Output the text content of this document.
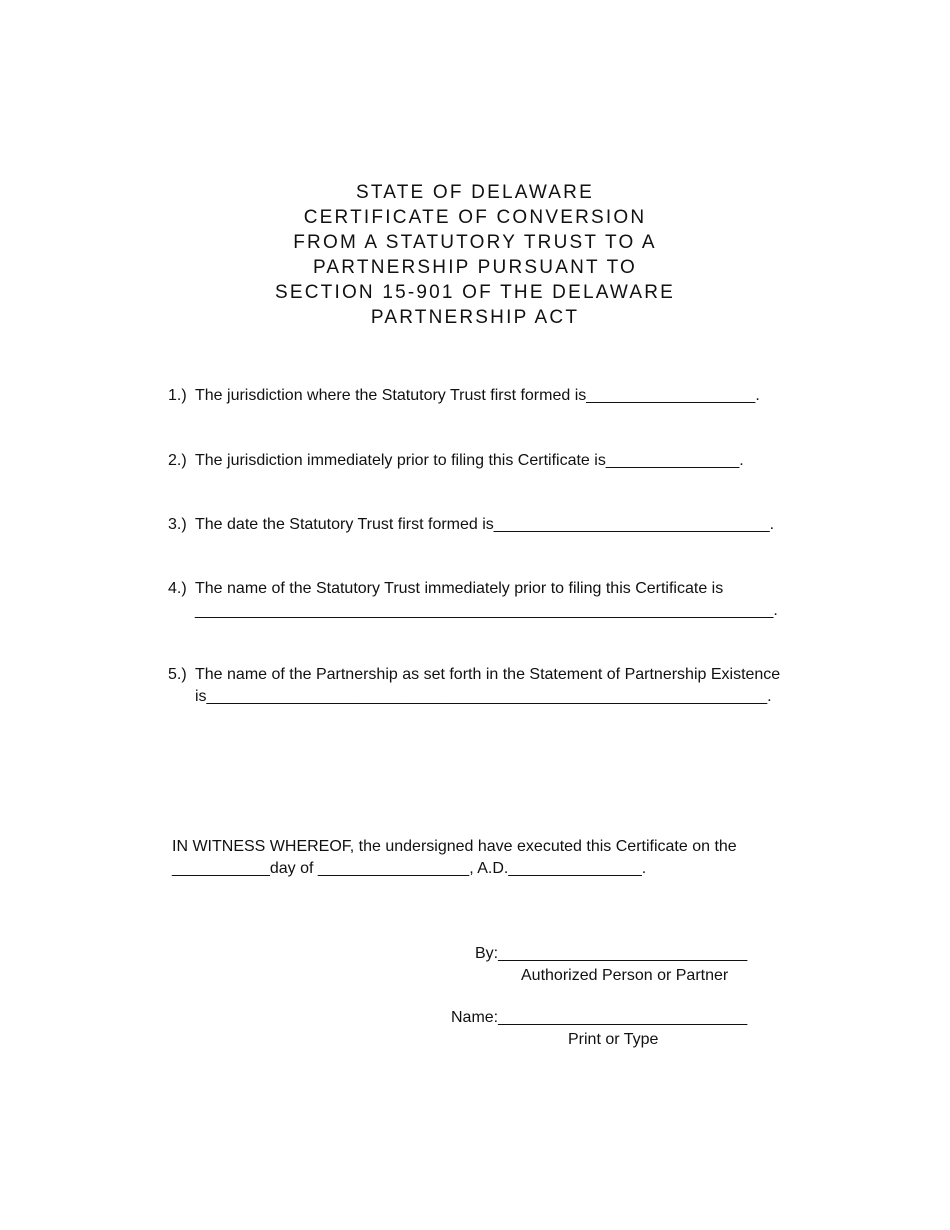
STATE OF DELAWARE
CERTIFICATE OF CONVERSION
FROM A STATUTORY TRUST TO A
PARTNERSHIP PURSUANT TO
SECTION 15-901 OF THE DELAWARE
PARTNERSHIP ACT
1.) The jurisdiction where the Statutory Trust first formed is___________________.
2.) The jurisdiction immediately prior to filing this Certificate is_______________.
3.) The date the Statutory Trust first formed is_______________________________.
4.) The name of the Statutory Trust immediately prior to filing this Certificate is
_________________________________________________________________.
5.) The name of the Partnership as set forth in the Statement of Partnership Existence
is_______________________________________________________________.
IN WITNESS WHEREOF, the undersigned have executed this Certificate on the
___________day of _________________, A.D._______________.
By:____________________________
Authorized Person or Partner
Name:____________________________
Print or Type
